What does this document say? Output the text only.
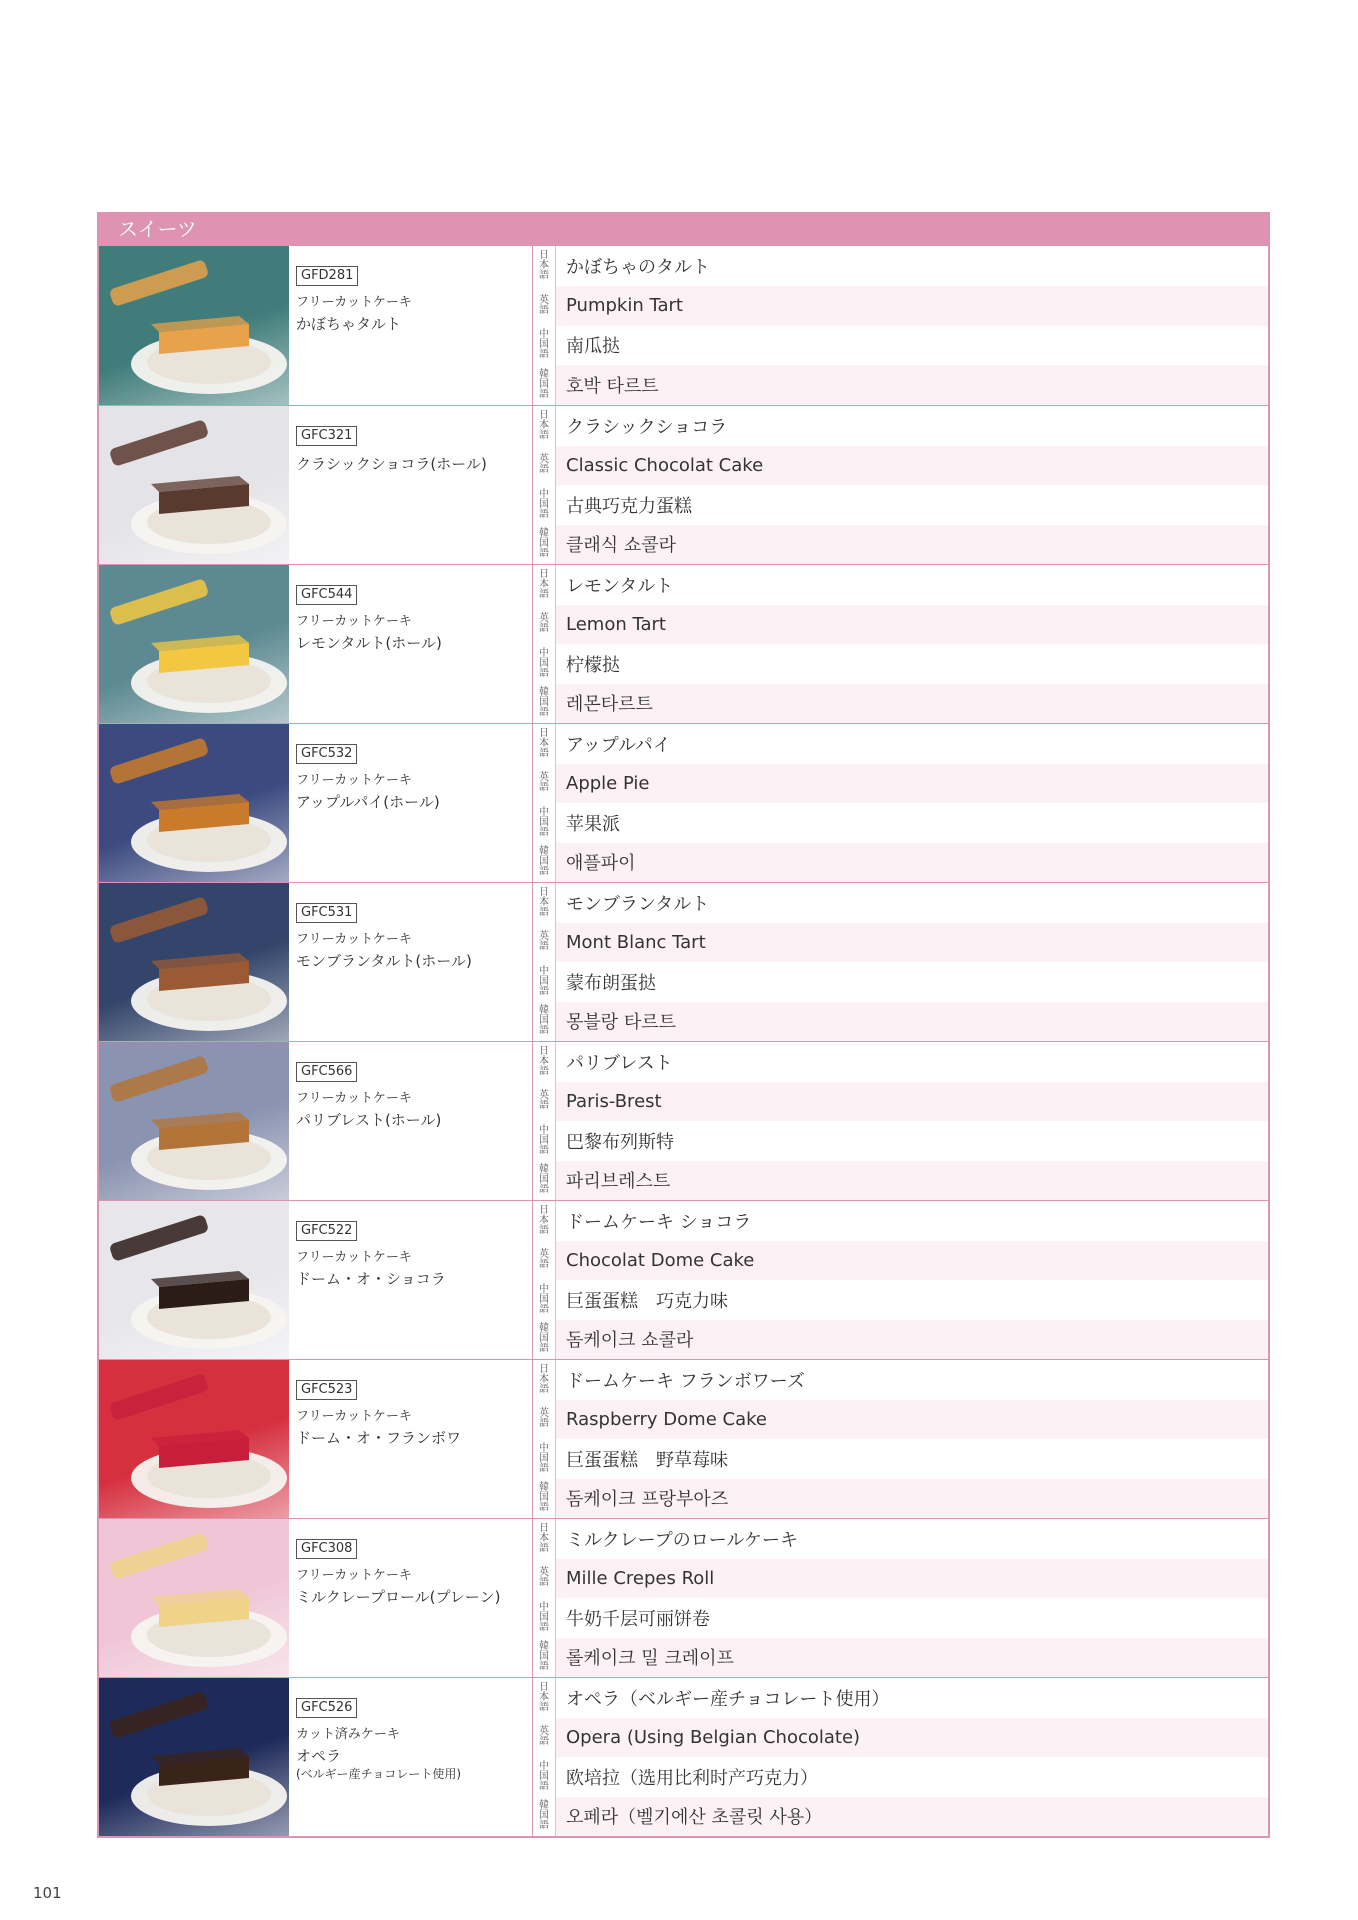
スイーツ
GFD281
フリーカットケーキ
かぼちゃタルト
日
本
語 かぼちゃのタルト
英
語 Pumpkin Tart
中
国
語 南瓜挞
韓
国
語 호박 타르트
GFC321
クラシックショコラ(ホール)
日
本
語 クラシックショコラ
英
語 Classic Chocolat Cake
中
国
語 古典巧克力蛋糕
韓
国
語 클래식 쇼콜라
GFC544
フリーカットケーキ
レモンタルト(ホール)
日
本
語 レモンタルト
英
語 Lemon Tart
中
国
語 柠檬挞
韓
国
語 레몬타르트
GFC532
フリーカットケーキ
アップルパイ(ホール)
日
本
語 アップルパイ
英
語 Apple Pie
中
国
語 苹果派
韓
国
語 애플파이
GFC531
フリーカットケーキ
モンブランタルト(ホール)
日
本
語 モンブランタルト
英
語 Mont Blanc Tart
中
国
語 蒙布朗蛋挞
韓
国
語 몽블랑 타르트
GFC566
フリーカットケーキ
パリブレスト(ホール)
日
本
語 パリブレスト
英
語 Paris-Brest
中
国
語 巴黎布列斯特
韓
国
語 파리브레스트
GFC522
フリーカットケーキ
ドーム・オ・ショコラ
日
本
語 ドームケーキ ショコラ
英
語 Chocolat Dome Cake
中
国
語 巨蛋蛋糕　巧克力味
韓
国
語 돔케이크 쇼콜라
GFC523
フリーカットケーキ
ドーム・オ・フランボワ
日
本
語 ドームケーキ フランボワーズ
英
語 Raspberry Dome Cake
中
国
語 巨蛋蛋糕　野草莓味
韓
国
語 돔케이크 프랑부아즈
GFC308
フリーカットケーキ
ミルクレープロール(プレーン)
日
本
語 ミルクレープのロールケーキ
英
語 Mille Crepes Roll
中
国
語 牛奶千层可丽饼卷
韓
国
語 롤케이크 밀 크레이프
GFC526
カット済みケーキ
オペラ
(ベルギー産チョコレート使用)
日
本
語 オペラ（ベルギー産チョコレート使用）
英
語 Opera (Using Belgian Chocolate)
中
国
語 欧培拉（选用比利时产巧克力）
韓
国
語 오페라（벨기에산 초콜릿 사용）
101
